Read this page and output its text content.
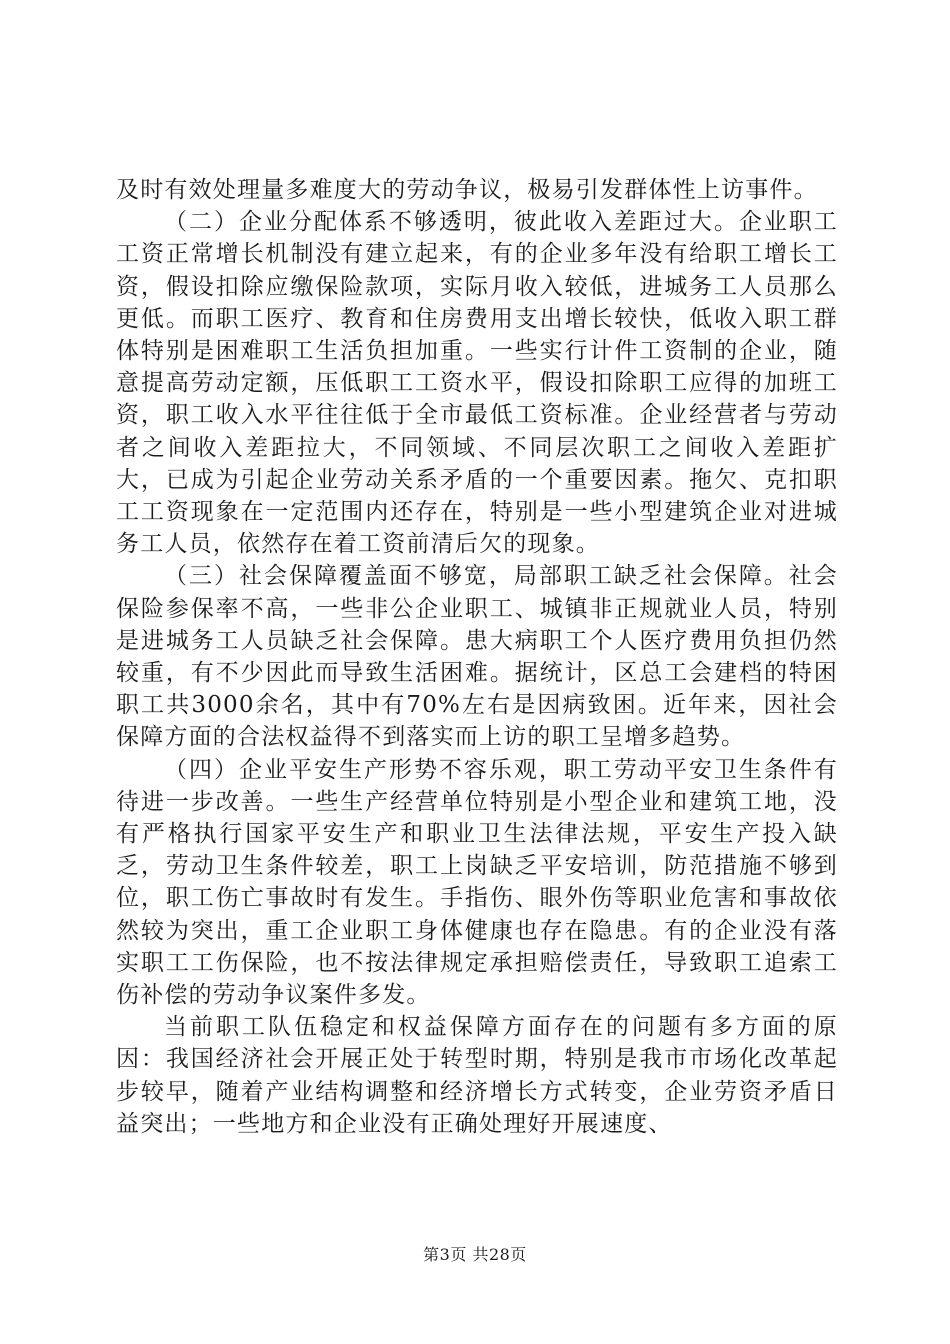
及时有效处理量多难度大的劳动争议，极易引发群体性上访事件。

（二）企业分配体系不够透明，彼此收入差距过大。企业职工工资正常增长机制没有建立起来，有的企业多年没有给职工增长工资，假设扣除应缴保险款项，实际月收入较低，进城务工人员那么更低。而职工医疗、教育和住房费用支出增长较快，低收入职工群体特别是困难职工生活负担加重。一些实行计件工资制的企业，随意提高劳动定额，压低职工工资水平，假设扣除职工应得的加班工资，职工收入水平往往低于全市最低工资标准。企业经营者与劳动者之间收入差距拉大，不同领域、不同层次职工之间收入差距扩大，已成为引起企业劳动关系矛盾的一个重要因素。拖欠、克扣职工工资现象在一定范围内还存在，特别是一些小型建筑企业对进城务工人员，依然存在着工资前清后欠的现象。

（三）社会保障覆盖面不够宽，局部职工缺乏社会保障。社会保险参保率不高，一些非公企业职工、城镇非正规就业人员，特别是进城务工人员缺乏社会保障。患大病职工个人医疗费用负担仍然较重，有不少因此而导致生活困难。据统计，区总工会建档的特困职工共3000余名，其中有70%左右是因病致困。近年来，因社会保障方面的合法权益得不到落实而上访的职工呈增多趋势。

（四）企业平安生产形势不容乐观，职工劳动平安卫生条件有待进一步改善。一些生产经营单位特别是小型企业和建筑工地，没有严格执行国家平安生产和职业卫生法律法规，平安生产投入缺乏，劳动卫生条件较差，职工上岗缺乏平安培训，防范措施不够到位，职工伤亡事故时有发生。手指伤、眼外伤等职业危害和事故依然较为突出，重工企业职工身体健康也存在隐患。有的企业没有落实职工工伤保险，也不按法律规定承担赔偿责任，导致职工追索工伤补偿的劳动争议案件多发。

当前职工队伍稳定和权益保障方面存在的问题有多方面的原因：我国经济社会开展正处于转型时期，特别是我市市场化改革起步较早，随着产业结构调整和经济增长方式转变，企业劳资矛盾日益突出；一些地方和企业没有正确处理好开展速度、

第3页 共28页
